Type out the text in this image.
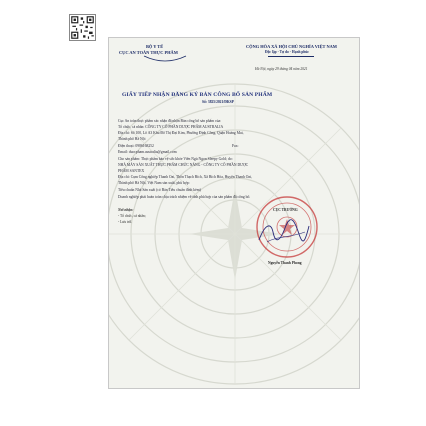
BỘ Y TẾ
CỤC AN TOÀN THỰC PHẨM
CỘNG HÒA XÃ HỘI CHỦ NGHĨA VIỆT NAM
Độc lập - Tự do - Hạnh phúc
Hà Nội, ngày 29 tháng 04 năm 2021
GIẤY TIẾP NHẬN ĐĂNG KÝ BẢN CÔNG BỐ SẢN PHẨM
Số: 3825/2021/ĐKSP
Cục An toàn thực phẩm xác nhận đã nhận Bản công bố sản phẩm của:
Tổ chức, cá nhân: CÔNG TY CỔ PHẦN DƯỢC PHẨM AUSTRALIA
Địa chỉ: Số 100, Lô A3 Khu Đô Thị Đại Kim, Phường Định Công, Quận Hoàng Mai,
Thành phố Hà Nội
Điện thoại: 0986168252	Fax:
Email: duocpham.australia@gmail.com
Cho sản phẩm: Thực phẩm bảo vệ sức khỏe Viên Ngủ Ngon Sleepy Gold; do:
NHÀ MÁY SẢN XUẤT THỰC PHẨM CHỨC NĂNG - CÔNG TY CỔ PHẦN DƯỢC
PHẨM SANTEX
Địa chỉ: Cụm Công nghiệp Thanh Oai, Thôn Thạch Bích, Xã Bích Hòa, Huyện Thanh Oai,
Thành phố Hà Nội, Việt Nam sản xuất, phù hợp:
Tiêu chuẩn Nhà Sản xuất (có Bản Tiêu chuẩn đính kèm)
Doanh nghiệp phải hoàn toàn chịu trách nhiệm về tính phù hợp của sản phẩm đã công bố.
Nơi nhận:
- Tổ chức, cá nhân;
- Lưu trữ.
CỤC TRƯỞNG
Nguyễn Thanh Phong
